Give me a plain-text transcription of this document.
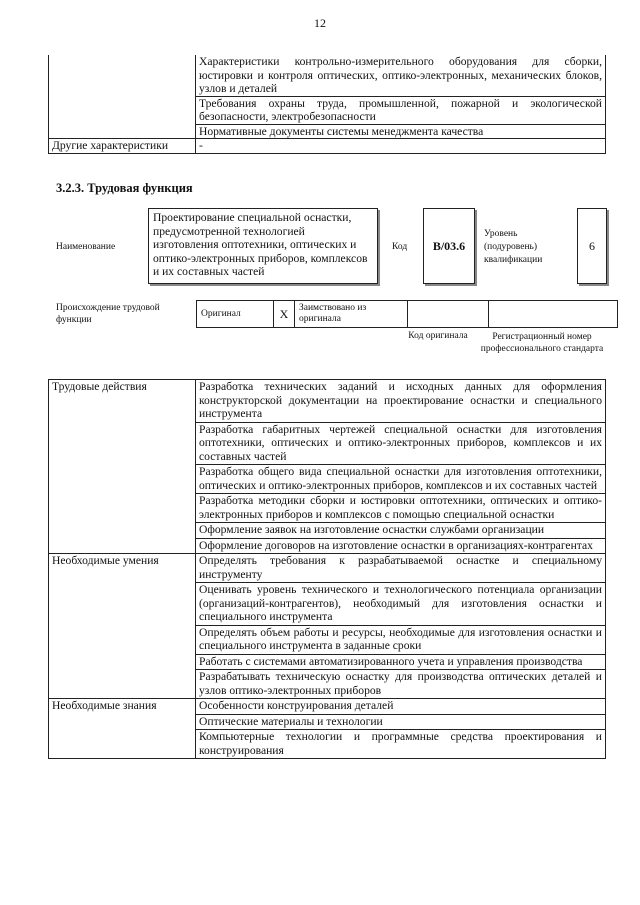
12
	Характеристики контрольно-измерительного оборудования для сборки, юстировки и контроля оптических, оптико-электронных, механических блоков, узлов и деталей
	Требования охраны труда, промышленной, пожарной и экологической безопасности, электробезопасности
	Нормативные документы системы менеджмента качества
Другие характеристики	-
3.2.3. Трудовая функция
Наименование
Проектирование специальной оснастки, предусмотренной технологией изготовления оптотехники, оптических и оптико-электронных приборов, комплексов и их составных частей
Код B/03.6
Уровень (подуровень) квалификации
6
Происхождение трудовой функции
Оригинал	X	Заимствовано из оригинала		
Код оригинала	Регистрационный номер профессионального стандарта
Трудовые действия	Разработка технических заданий и исходных данных для оформления конструкторской документации на проектирование оснастки и специального инструмента
	Разработка габаритных чертежей специальной оснастки для изготовления оптотехники, оптических и оптико-электронных приборов, комплексов и их составных частей
	Разработка общего вида специальной оснастки для изготовления оптотехники, оптических и оптико-электронных приборов, комплексов и их составных частей
	Разработка методики сборки и юстировки оптотехники, оптических и оптико-электронных приборов и комплексов с помощью специальной оснастки
	Оформление заявок на изготовление оснастки службами организации
	Оформление договоров на изготовление оснастки в организациях-контрагентах
Необходимые умения	Определять требования к разрабатываемой оснастке и специальному инструменту
	Оценивать уровень технического и технологического потенциала организации (организаций-контрагентов), необходимый для изготовления оснастки и специального инструмента
	Определять объем работы и ресурсы, необходимые для изготовления оснастки и специального инструмента в заданные сроки
	Работать с системами автоматизированного учета и управления производства
	Разрабатывать техническую оснастку для производства оптических деталей и узлов оптико-электронных приборов
Необходимые знания	Особенности конструирования деталей
	Оптические материалы и технологии
	Компьютерные технологии и программные средства проектирования и конструирования
